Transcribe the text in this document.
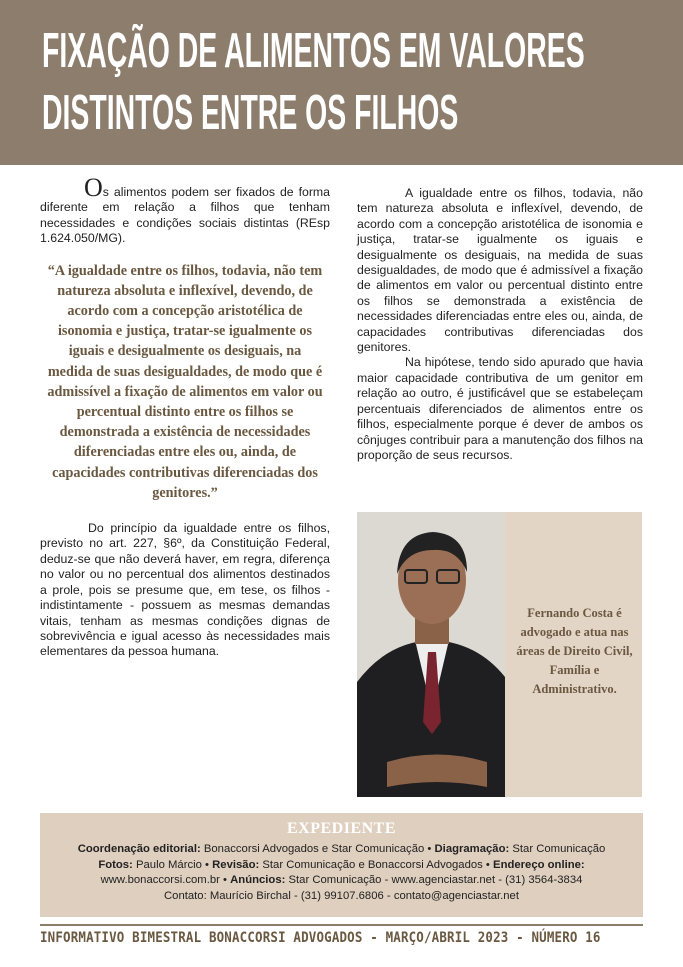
FIXAÇÃO DE ALIMENTOS EM VALORES
DISTINTOS ENTRE OS FILHOS

Os alimentos podem ser fixados de forma diferente em relação a filhos que tenham necessidades e condições sociais distintas (REsp 1.624.050/MG).

“A igualdade entre os filhos, todavia, não tem natureza absoluta e inflexível, devendo, de acordo com a concepção aristotélica de isonomia e justiça, tratar-se igualmente os iguais e desigualmente os desiguais, na medida de suas desigualdades, de modo que é admissível a fixação de alimentos em valor ou percentual distinto entre os filhos se demonstrada a existência de necessidades diferenciadas entre eles ou, ainda, de capacidades contributivas diferenciadas dos genitores.”

Do princípio da igualdade entre os filhos, previsto no art. 227, §6º, da Constituição Federal, deduz-se que não deverá haver, em regra, diferença no valor ou no percentual dos alimentos destinados a prole, pois se presume que, em tese, os filhos - indistintamente - possuem as mesmas demandas vitais, tenham as mesmas condições dignas de sobrevivência e igual acesso às necessidades mais elementares da pessoa humana.

A igualdade entre os filhos, todavia, não tem natureza absoluta e inflexível, devendo, de acordo com a concepção aristotélica de isonomia e justiça, tratar-se igualmente os iguais e desigualmente os desiguais, na medida de suas desigualdades, de modo que é admissível a fixação de alimentos em valor ou percentual distinto entre os filhos se demonstrada a existência de necessidades diferenciadas entre eles ou, ainda, de capacidades contributivas diferenciadas dos genitores.

Na hipótese, tendo sido apurado que havia maior capacidade contributiva de um genitor em relação ao outro, é justificável que se estabeleçam percentuais diferenciados de alimentos entre os filhos, especialmente porque é dever de ambos os cônjuges contribuir para a manutenção dos filhos na proporção de seus recursos.

Fernando Costa é advogado e atua nas áreas de Direito Civil, Família e Administrativo.
EXPEDIENTE
Coordenação editorial: Bonaccorsi Advogados e Star Comunicação • Diagramação: Star Comunicação
Fotos: Paulo Márcio • Revisão: Star Comunicação e Bonaccorsi Advogados • Endereço online:
www.bonaccorsi.com.br • Anúncios: Star Comunicação - www.agenciastar.net - (31) 3564-3834
Contato: Maurício Birchal - (31) 99107.6806 - contato@agenciastar.net
INFORMATIVO BIMESTRAL BONACCORSI ADVOGADOS - MARÇO/ABRIL 2023 - NÚMERO 16
